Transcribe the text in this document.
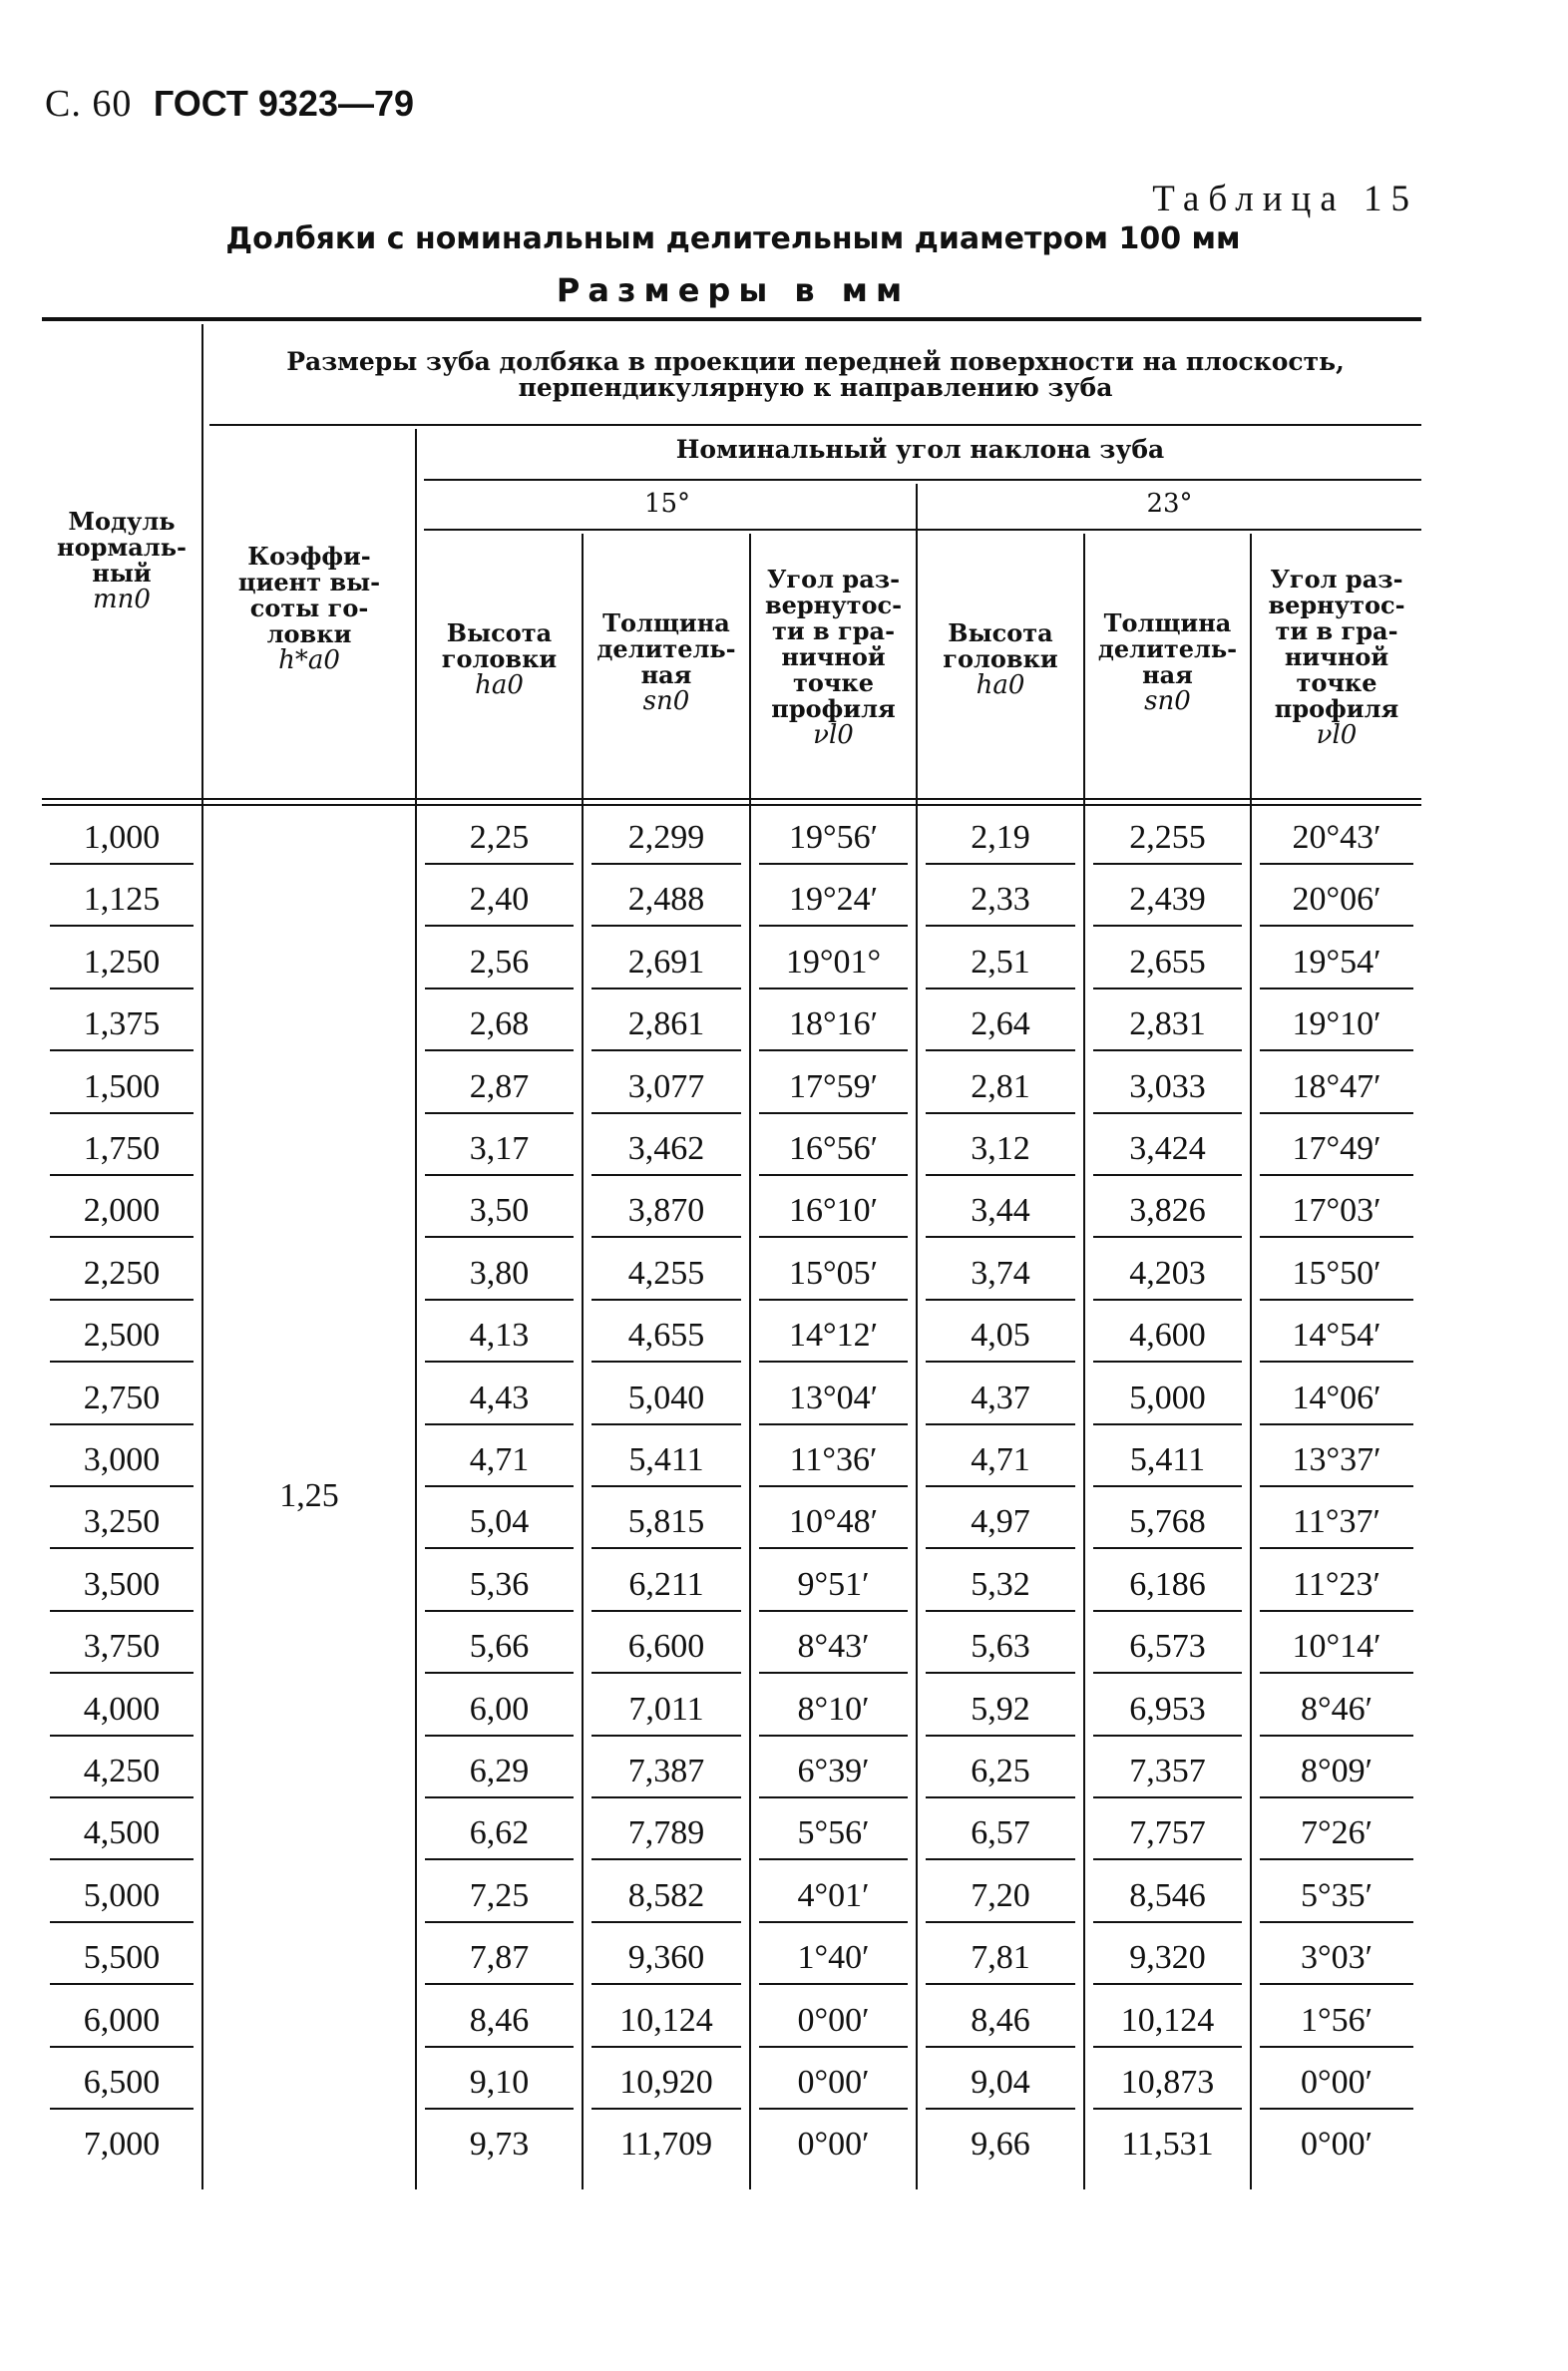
С. 60 ГОСТ 9323—79
Таблица 15
Долбяки с номинальным делительным диаметром 100 мм
Размеры в мм
Модуль
нормаль-
ный
mn0
Размеры зуба долбяка в проекции передней поверхности на плоскость,
перпендикулярную к направлению зуба
Коэффи-
циент вы-
соты го-
ловки
h*a0
Номинальный угол наклона зуба
15°	23°
Высота
головки
ha0
Толщина
делитель-
ная
sn0
Угол раз-
вернутос-
ти в гра-
ничной
точке
профиля
νl0
Высота
головки
ha0
Толщина
делитель-
ная
sn0
Угол раз-
вернутос-
ти в гра-
ничной
точке
профиля
νl0
1,25
1,000	2,25	2,299	19°56′	2,19	2,255	20°43′
1,125	2,40	2,488	19°24′	2,33	2,439	20°06′
1,250	2,56	2,691	19°01°	2,51	2,655	19°54′
1,375	2,68	2,861	18°16′	2,64	2,831	19°10′
1,500	2,87	3,077	17°59′	2,81	3,033	18°47′
1,750	3,17	3,462	16°56′	3,12	3,424	17°49′
2,000	3,50	3,870	16°10′	3,44	3,826	17°03′
2,250	3,80	4,255	15°05′	3,74	4,203	15°50′
2,500	4,13	4,655	14°12′	4,05	4,600	14°54′
2,750	4,43	5,040	13°04′	4,37	5,000	14°06′
3,000	4,71	5,411	11°36′	4,71	5,411	13°37′
3,250	5,04	5,815	10°48′	4,97	5,768	11°37′
3,500	5,36	6,211	9°51′	5,32	6,186	11°23′
3,750	5,66	6,600	8°43′	5,63	6,573	10°14′
4,000	6,00	7,011	8°10′	5,92	6,953	8°46′
4,250	6,29	7,387	6°39′	6,25	7,357	8°09′
4,500	6,62	7,789	5°56′	6,57	7,757	7°26′
5,000	7,25	8,582	4°01′	7,20	8,546	5°35′
5,500	7,87	9,360	1°40′	7,81	9,320	3°03′
6,000	8,46	10,124	0°00′	8,46	10,124	1°56′
6,500	9,10	10,920	0°00′	9,04	10,873	0°00′
7,000	9,73	11,709	0°00′	9,66	11,531	0°00′
